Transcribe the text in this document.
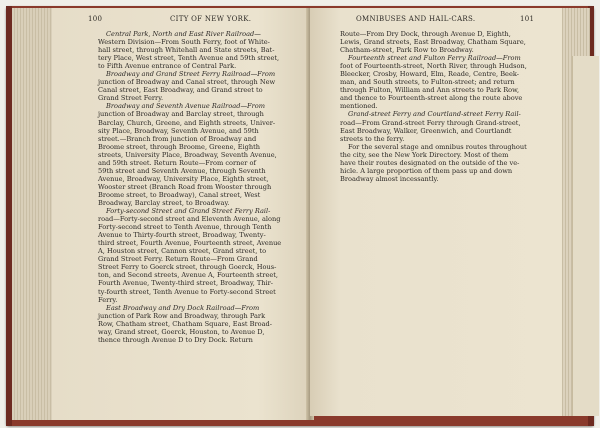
100	CITY OF NEW YORK.
Central Park, North and East River Railroad—
Western Division—From South Ferry, foot of White-
hall street, through Whitehall and State streets, Bat-
tery Place, West street, Tenth Avenue and 59th street,
to Fifth Avenue entrance of Central Park.
Broadway and Grand Street Ferry Railroad—From
junction of Broadway and Canal street, through New
Canal street, East Broadway, and Grand street to
Grand Street Ferry.
Broadway and Seventh Avenue Railroad—From
junction of Broadway and Barclay street, through
Barclay, Church, Greene, and Eighth streets, Univer-
sity Place, Broadway, Seventh Avenue, and 59th
street.—Branch from junction of Broadway and
Broome street, through Broome, Greene, Eighth
streets, University Place, Broadway, Seventh Avenue,
and 59th street. Return Route—From corner of
59th street and Seventh Avenue, through Seventh
Avenue, Broadway, University Place, Eighth street,
Wooster street (Branch Road from Wooster through
Broome street, to Broadway), Canal street, West
Broadway, Barclay street, to Broadway.
Forty-second Street and Grand Street Ferry Rail-
road—Forty-second street and Eleventh Avenue, along
Forty-second street to Tenth Avenue, through Tenth
Avenue to Thirty-fourth street, Broadway, Twenty-
third street, Fourth Avenue, Fourteenth street, Avenue
A, Houston street, Cannon street, Grand street, to
Grand Street Ferry. Return Route—From Grand
Street Ferry to Goerck street, through Goerck, Hous-
ton, and Second streets, Avenue A, Fourteenth street,
Fourth Avenue, Twenty-third street, Broadway, Thir-
ty-fourth street, Tenth Avenue to Forty-second Street
Ferry.
East Broadway and Dry Dock Railroad—From
junction of Park Row and Broadway, through Park
Row, Chatham street, Chatham Square, East Broad-
way, Grand street, Goerck, Houston, to Avenue D,
thence through Avenue D to Dry Dock. Return
OMNIBUSES AND HAIL-CARS.	101
Route—From Dry Dock, through Avenue D, Eighth,
Lewis, Grand streets, East Broadway, Chatham Square,
Chatham-street, Park Row to Broadway.
Fourteenth street and Fulton Ferry Railroad—From
foot of Fourteenth-street, North River, through Hudson,
Bleecker, Crosby, Howard, Elm, Reade, Centre, Beek-
man, and South streets, to Fulton-street; and return
through Fulton, William and Ann streets to Park Row,
and thence to Fourteenth-street along the route above
mentioned.
Grand-street Ferry and Courtland-street Ferry Rail-
road—From Grand-street Ferry through Grand-street,
East Broadway, Walker, Greenwich, and Courtlandt
streets to the ferry.
For the several stage and omnibus routes throughout
the city, see the New York Directory. Most of them
have their routes designated on the outside of the ve-
hicle. A large proportion of them pass up and down
Broadway almost incessantly.
